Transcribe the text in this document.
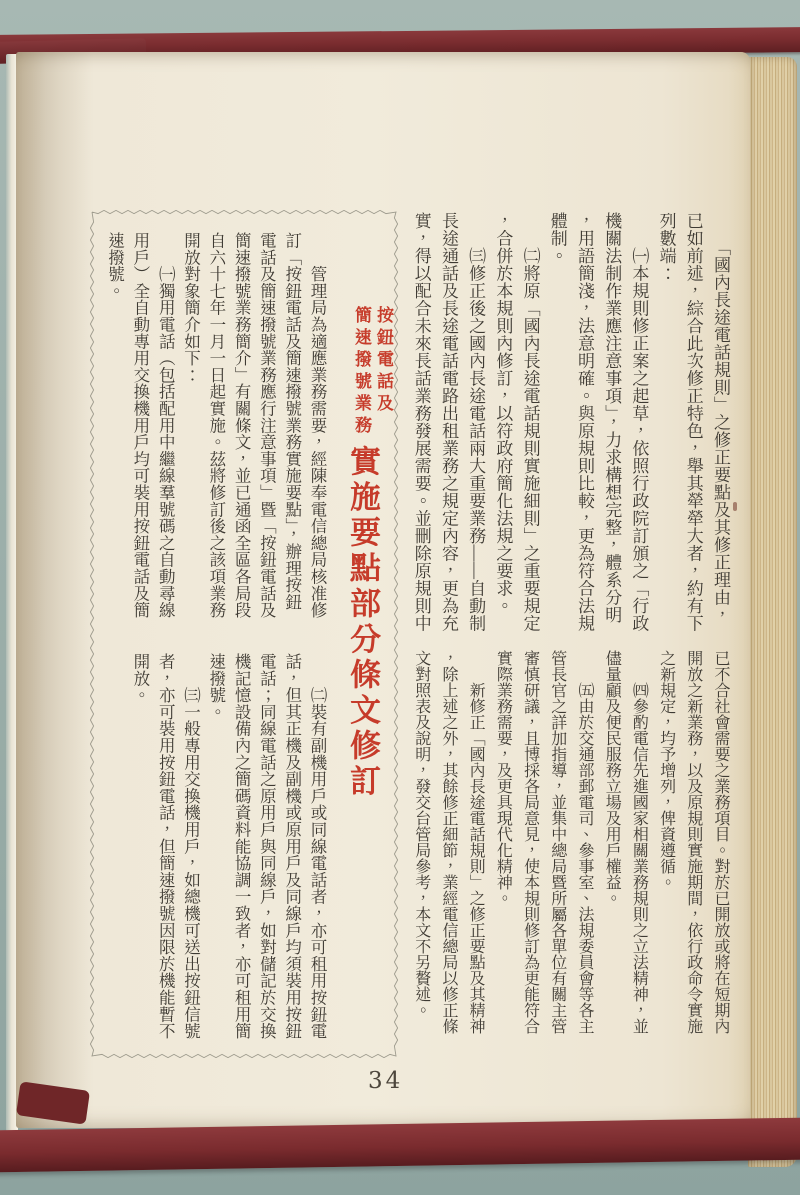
　　「國內長途電話規則」之修正要點及其修正理由，
已如前述，綜合此次修正特色，舉其犖犖大者，約有下
列數端：
　　㈠本規則修正案之起草，依照行政院訂頒之「行政
機關法制作業應注意事項」，力求構想完整，體系分明
，用語簡淺，法意明確。與原規則比較，更為符合法規
體制。
　　㈡將原「國內長途電話規則實施細則」之重要規定
，合併於本規則內修訂，以符政府簡化法規之要求。
　　㈢修正後之國內長途電話兩大重要業務——自動制
長途通話及長途電話電路出租業務之規定內容，更為充
實，得以配合未來長話業務發展需要。並刪除原規則中
已不合社會需要之業務項目。對於已開放或將在短期內
開放之新業務，以及原規則實施期間，依行政命令實施
之新規定，均予增列，俾資遵循。
　　㈣參酌電信先進國家相關業務規則之立法精神，並
儘量顧及便民服務立場及用戶權益。
　　㈤由於交通部郵電司、參事室、法規委員會等各主
管長官之詳加指導，並集中總局暨所屬各單位有關主管
審慎研議，且博採各局意見，使本規則修訂為更能符合
實際業務需要，及更具現代化精神。
　　新修正「國內長途電話規則」之修正要點及其精神
，除上述之外，其餘修正細節，業經電信總局以修正條
文對照表及說明，發交台管局參考，本文不另贅述。
按鈕電話及
簡速撥號業務
實施要點部分條文修訂
　　管理局為適應業務需要，經陳奉電信總局核准修
訂「按鈕電話及簡速撥號業務實施要點」，辦理按鈕
電話及簡速撥號業務應行注意事項」暨「按鈕電話及
簡速撥號業務簡介」有關條文，並已通函全區各局段
自六十七年一月一日起實施。茲將修訂後之該項業務
開放對象簡介如下：
　　㈠獨用電話（包括配用中繼線羣號碼之自動尋線
用戶）全自動專用交換機用戶均可裝用按鈕電話及簡
速撥號。
　　㈡裝有副機用戶或同線電話者，亦可租用按鈕電
話，但其正機及副機或原用戶及同線戶均須裝用按鈕
電話；同線電話之原用戶與同線戶，如對儲記於交換
機記憶設備內之簡碼資料能協調一致者，亦可租用簡
速撥號。
　　㈢一般專用交換機用戶，如總機可送出按鈕信號
者，亦可裝用按鈕電話，但簡速撥號因限於機能暫不
開放。
34
